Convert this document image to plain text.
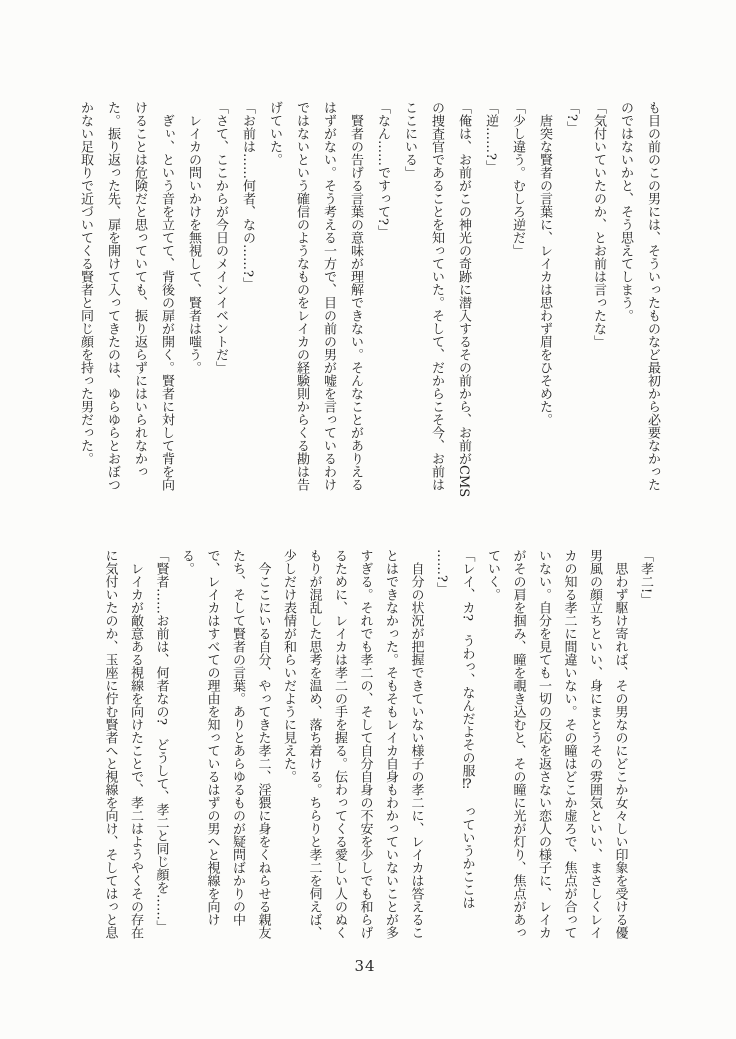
も目の前のこの男には、そういったものなど最初から必要なかった
のではないかと、そう思えてしまう。
「気付いていたのか、とお前は言ったな」
「?」
　唐突な賢者の言葉に、レイカは思わず眉をひそめた。
「少し違う。むしろ逆だ」
「逆……?」
「俺は、お前がこの神光の奇跡に潜入するその前から、お前がCMS
の捜査官であることを知っていた。そして、だからこそ今、お前は
ここにいる」
「なん……ですって?」
　賢者の告げる言葉の意味が理解できない。そんなことがありえる
はずがない。そう考える一方で、目の前の男が嘘を言っているわけ
ではないという確信のようなものをレイカの経験則からくる勘は告
げていた。
「お前は……何者、なの……?」
「さて、ここからが今日のメインイベントだ」
　レイカの問いかけを無視して、賢者は嗤う。
　ぎぃ、という音を立てて、背後の扉が開く。賢者に対して背を向
けることは危険だと思っていても、振り返らずにはいられなかっ
た。振り返った先、扉を開けて入ってきたのは、ゆらゆらとおぼつ
かない足取りで近づいてくる賢者と同じ顔を持った男だった。
「孝二!」
　思わず駆け寄れば、その男なのにどこか女々しい印象を受ける優
男風の顔立ちといい、身にまとうその雰囲気といい、まさしくレイ
カの知る孝二に間違いない。その瞳はどこか虚ろで、焦点が合って
いない。自分を見ても一切の反応を返さない恋人の様子に、レイカ
がその肩を掴み、瞳を覗き込むと、その瞳に光が灯り、焦点があっ
ていく。
「レイ、カ?　うわっ、なんだよその服⁉　っていうかここは
……?」
　自分の状況が把握できていない様子の孝二に、レイカは答えるこ
とはできなかった。そもそもレイカ自身もわかっていないことが多
すぎる。それでも孝二の、そして自分自身の不安を少しでも和らげ
るために、レイカは孝二の手を握る。伝わってくる愛しい人のぬく
もりが混乱した思考を温め、落ち着ける。ちらりと孝二を伺えば、
少しだけ表情が和らいだように見えた。
　今ここにいる自分、やってきた孝二、淫猥に身をくねらせる親友
たち、そして賢者の言葉。ありとあらゆるものが疑問ばかりの中
で、レイカはすべての理由を知っているはずの男へと視線を向け
る。
「賢者……お前は、何者なの?　どうして、孝二と同じ顔を……」
　レイカが敵意ある視線を向けたことで、孝二はようやくその存在
に気付いたのか、玉座に佇む賢者へと視線を向け、そしてはっと息
34
